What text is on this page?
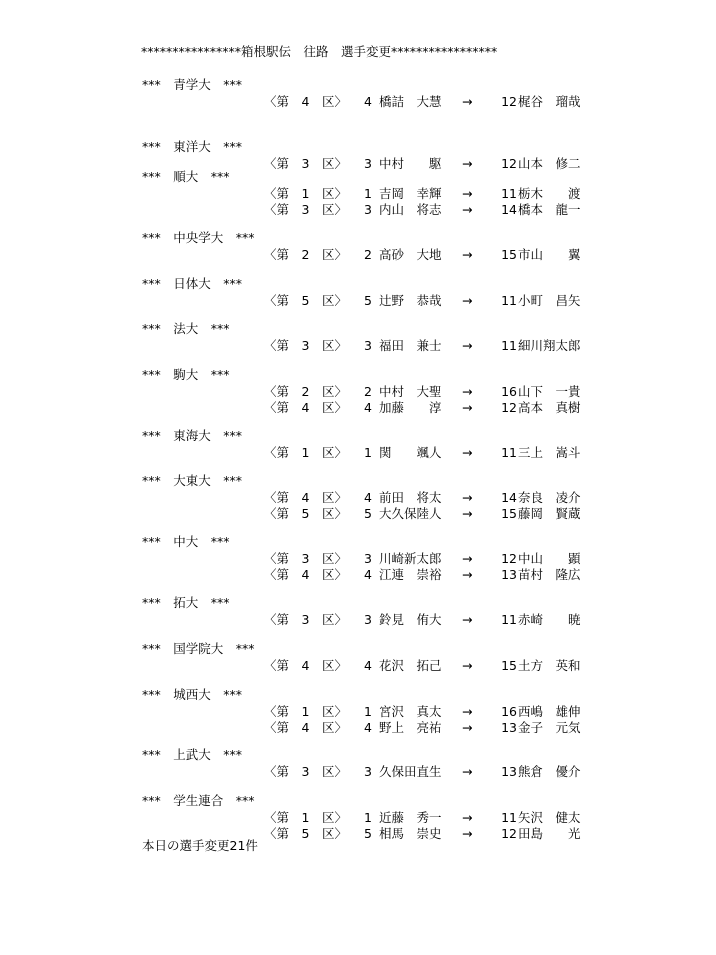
****************箱根駅伝　往路　選手変更*****************
***　青学大　***
〈第　4　区〉 4 橋詰　大慧 → 12 梶谷　瑠哉
***　東洋大　***
〈第　3　区〉 3 中村　　駆 → 12 山本　修二
***　順大　***
〈第　1　区〉 1 吉岡　幸輝 → 11 栃木　　渡
〈第　3　区〉 3 内山　将志 → 14 橋本　龍一
***　中央学大　***
〈第　2　区〉 2 高砂　大地 → 15 市山　　翼
***　日体大　***
〈第　5　区〉 5 辻野　恭哉 → 11 小町　昌矢
***　法大　***
〈第　3　区〉 3 福田　兼士 → 11 細川翔太郎
***　駒大　***
〈第　2　区〉 2 中村　大聖 → 16 山下　一貴
〈第　4　区〉 4 加藤　　淳 → 12 高本　真樹
***　東海大　***
〈第　1　区〉 1 関　　颯人 → 11 三上　嵩斗
***　大東大　***
〈第　4　区〉 4 前田　将太 → 14 奈良　凌介
〈第　5　区〉 5 大久保陸人 → 15 藤岡　賢蔵
***　中大　***
〈第　3　区〉 3 川崎新太郎 → 12 中山　　顕
〈第　4　区〉 4 江連　崇裕 → 13 苗村　隆広
***　拓大　***
〈第　3　区〉 3 鈴見　侑大 → 11 赤崎　　暁
***　国学院大　***
〈第　4　区〉 4 花沢　拓己 → 15 土方　英和
***　城西大　***
〈第　1　区〉 1 宮沢　真太 → 16 西嶋　雄伸
〈第　4　区〉 4 野上　亮祐 → 13 金子　元気
***　上武大　***
〈第　3　区〉 3 久保田直生 → 13 熊倉　優介
***　学生連合　***
〈第　1　区〉 1 近藤　秀一 → 11 矢沢　健太
〈第　5　区〉 5 相馬　崇史 → 12 田島　　光
本日の選手変更21件
